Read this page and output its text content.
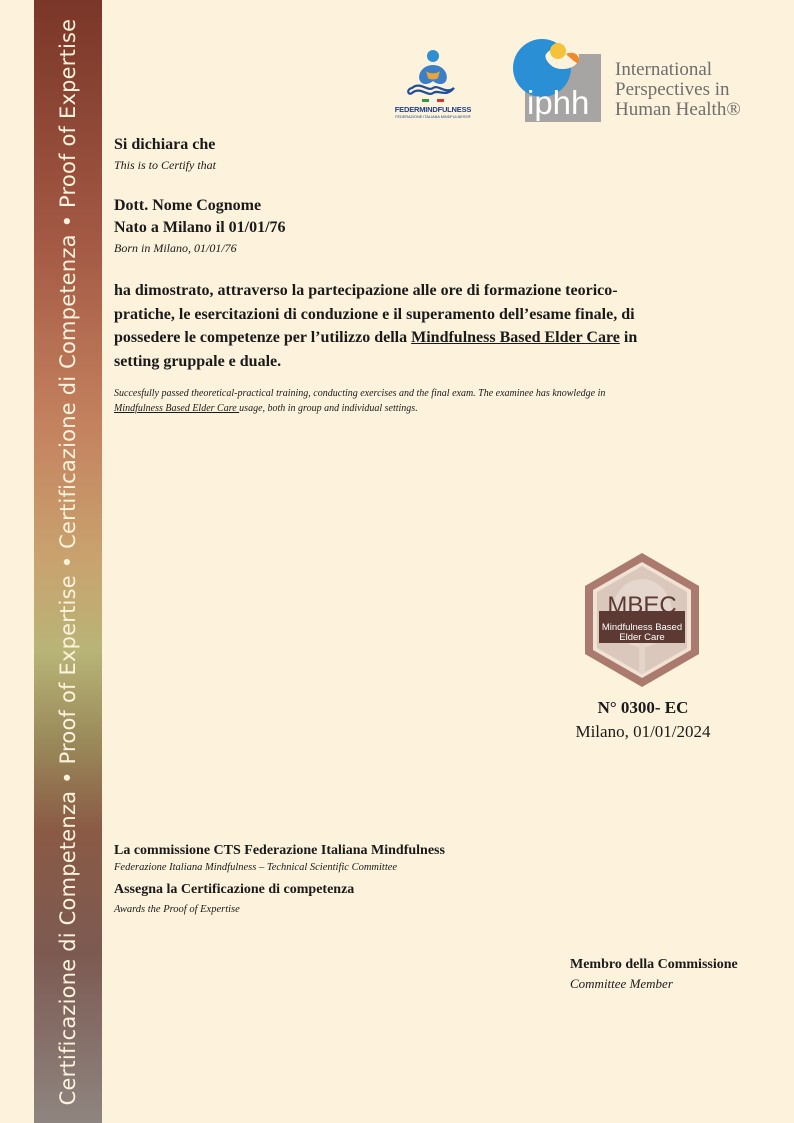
Certificazione di Competenza • Proof of Expertise • Certificazione di Competenza • Proof of Expertise	FEDERMINDFULNESS
FEDERAZIONE ITALIANA MINDFULNESS® iphh
International
Perspectives in
Human Health®
Si dichiara che
This is to Certify that
Dott. Nome Cognome
Nato a Milano il 01/01/76
Born in Milano, 01/01/76
ha dimostrato, attraverso la partecipazione alle ore di formazione teorico-
pratiche, le esercitazioni di conduzione e il superamento dell’esame finale, di
possedere le competenze per l’utilizzo della Mindfulness Based Elder Care in
setting gruppale e duale.
Succesfully passed theoretical-practical training, conducting exercises and the final exam. The examinee has knowledge in
Mindfulness Based Elder Care usage, both in group and individual settings.
MBEC
Mindfulness Based
Elder Care
N° 0300- EC
Milano, 01/01/2024
La commissione CTS Federazione Italiana Mindfulness
Federazione Italiana Mindfulness – Technical Scientific Committee
Assegna la Certificazione di competenza
Awards the Proof of Expertise
Membro della Commissione
Committee Member
